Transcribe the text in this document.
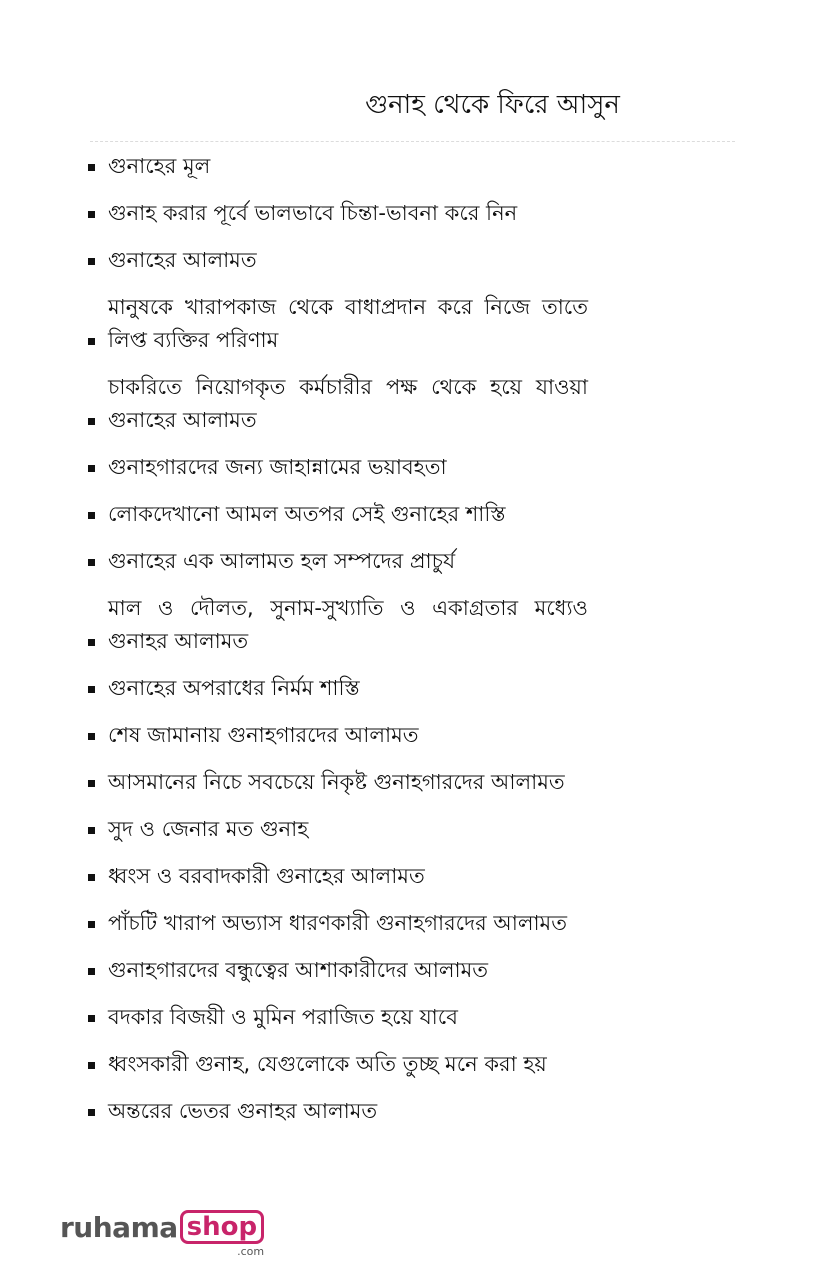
গুনাহ থেকে ফিরে আসুন
গুনাহের মূল
গুনাহ করার পূর্বে ভালভাবে চিন্তা-ভাবনা করে নিন
গুনাহের আলামত
মানুষকে খারাপকাজ থেকে বাধাপ্রদান করে নিজে তাতে লিপ্ত ব্যক্তির পরিণাম
চাকরিতে নিয়োগকৃত কর্মচারীর পক্ষ থেকে হয়ে যাওয়া গুনাহের আলামত
গুনাহগারদের জন্য জাহান্নামের ভয়াবহতা
লোকদেখানো আমল অতপর সেই গুনাহের শাস্তি
গুনাহের এক আলামত হল সম্পদের প্রাচুর্য
মাল ও দৌলত, সুনাম-সুখ্যাতি ও একাগ্রতার মধ্যেও গুনাহর আলামত
গুনাহের অপরাধের নির্মম শাস্তি
শেষ জামানায় গুনাহগারদের আলামত
আসমানের নিচে সবচেয়ে নিকৃষ্ট গুনাহগারদের আলামত
সুদ ও জেনার মত গুনাহ
ধ্বংস ও বরবাদকারী গুনাহের আলামত
পাঁচটি খারাপ অভ্যাস ধারণকারী গুনাহগারদের আলামত
গুনাহগারদের বন্ধুত্বের আশাকারীদের আলামত
বদকার বিজয়ী ও মুমিন পরাজিত হয়ে যাবে
ধ্বংসকারী গুনাহ, যেগুলোকে অতি তুচ্ছ মনে করা হয়
অন্তরের ভেতর গুনাহর আলামত
ruhama shop
.com
